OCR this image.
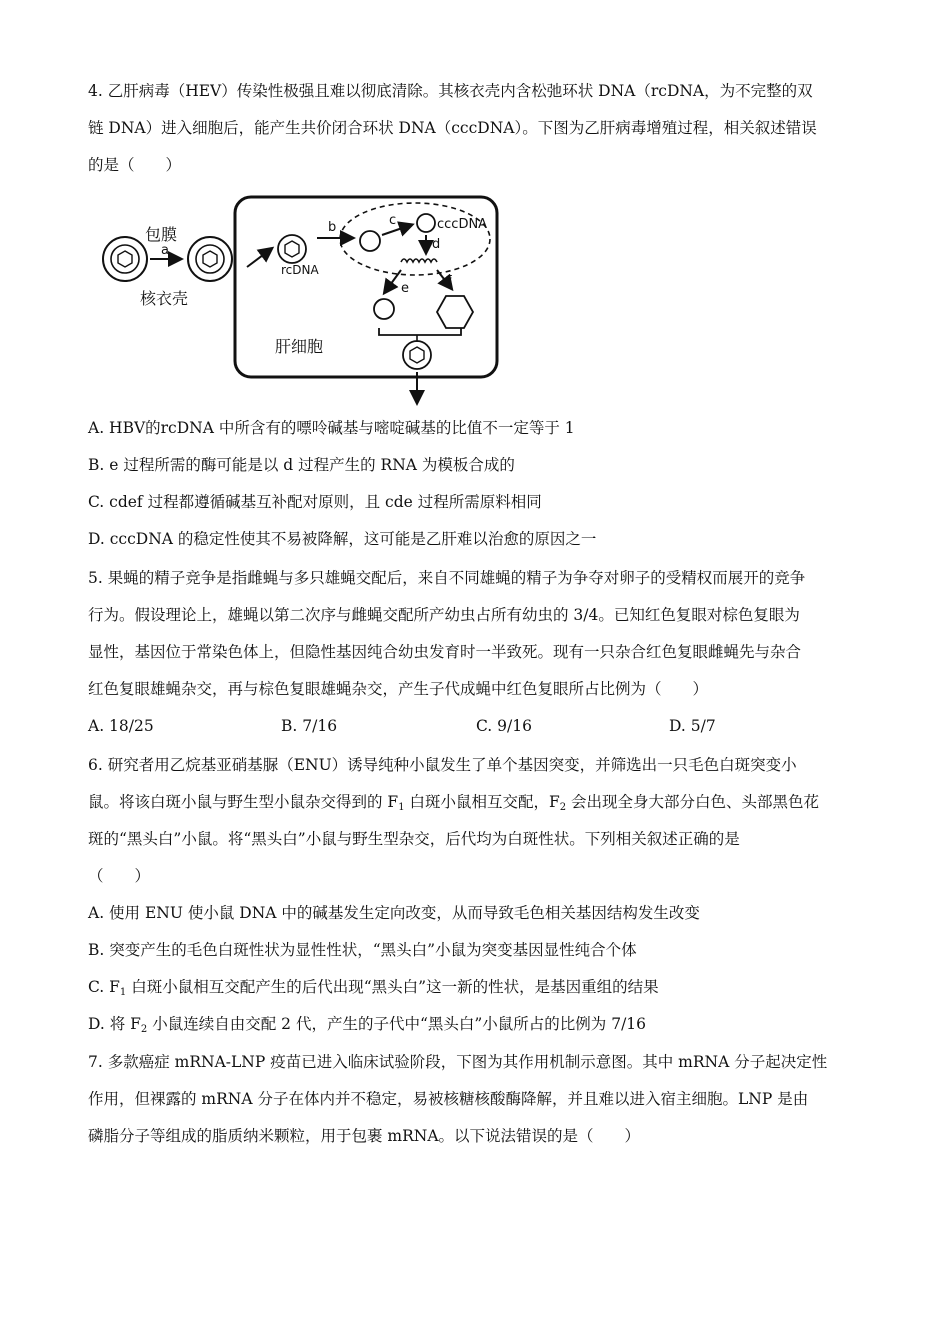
4. 乙肝病毒（HEV）传染性极强且难以彻底清除。其核衣壳内含松弛环状 DNA（rcDNA，为不完整的双
链 DNA）进入细胞后，能产生共价闭合环状 DNA（cccDNA）。下图为乙肝病毒增殖过程，相关叙述错误
的是（　　）
肝细胞
包膜
核衣壳
a
rcDNA
b	c	cccDNA
d
e	f
A. HBV的rcDNA 中所含有的嘌呤碱基与嘧啶碱基的比值不一定等于 1
B. e 过程所需的酶可能是以 d 过程产生的 RNA 为模板合成的
C. cdef 过程都遵循碱基互补配对原则，且 cde 过程所需原料相同
D. cccDNA 的稳定性使其不易被降解，这可能是乙肝难以治愈的原因之一
5. 果蝇的精子竞争是指雌蝇与多只雄蝇交配后，来自不同雄蝇的精子为争夺对卵子的受精权而展开的竞争
行为。假设理论上，雄蝇以第二次序与雌蝇交配所产幼虫占所有幼虫的 3/4。已知红色复眼对棕色复眼为
显性，基因位于常染色体上，但隐性基因纯合幼虫发育时一半致死。现有一只杂合红色复眼雌蝇先与杂合
红色复眼雄蝇杂交，再与棕色复眼雄蝇杂交，产生子代成蝇中红色复眼所占比例为（　　）
A. 18/25	B. 7/16	C. 9/16	D. 5/7
6. 研究者用乙烷基亚硝基脲（ENU）诱导纯种小鼠发生了单个基因突变，并筛选出一只毛色白斑突变小
鼠。将该白斑小鼠与野生型小鼠杂交得到的 $F_1$ 白斑小鼠相互交配，$F_2$ 会出现全身大部分白色、头部黑色花
斑的“黑头白”小鼠。将“黑头白”小鼠与野生型杂交，后代均为白斑性状。下列相关叙述正确的是
（　　）
A. 使用 ENU 使小鼠 DNA 中的碱基发生定向改变，从而导致毛色相关基因结构发生改变
B. 突变产生的毛色白斑性状为显性性状，“黑头白”小鼠为突变基因显性纯合个体
C. $F_1$ 白斑小鼠相互交配产生的后代出现“黑头白”这一新的性状，是基因重组的结果
D. 将 $F_2$ 小鼠连续自由交配 2 代，产生的子代中“黑头白”小鼠所占的比例为 7/16
7. 多款癌症 mRNA-LNP 疫苗已进入临床试验阶段，下图为其作用机制示意图。其中 mRNA 分子起决定性
作用，但裸露的 mRNA 分子在体内并不稳定，易被核糖核酸酶降解，并且难以进入宿主细胞。LNP 是由
磷脂分子等组成的脂质纳米颗粒，用于包裹 mRNA。以下说法错误的是（　　）
